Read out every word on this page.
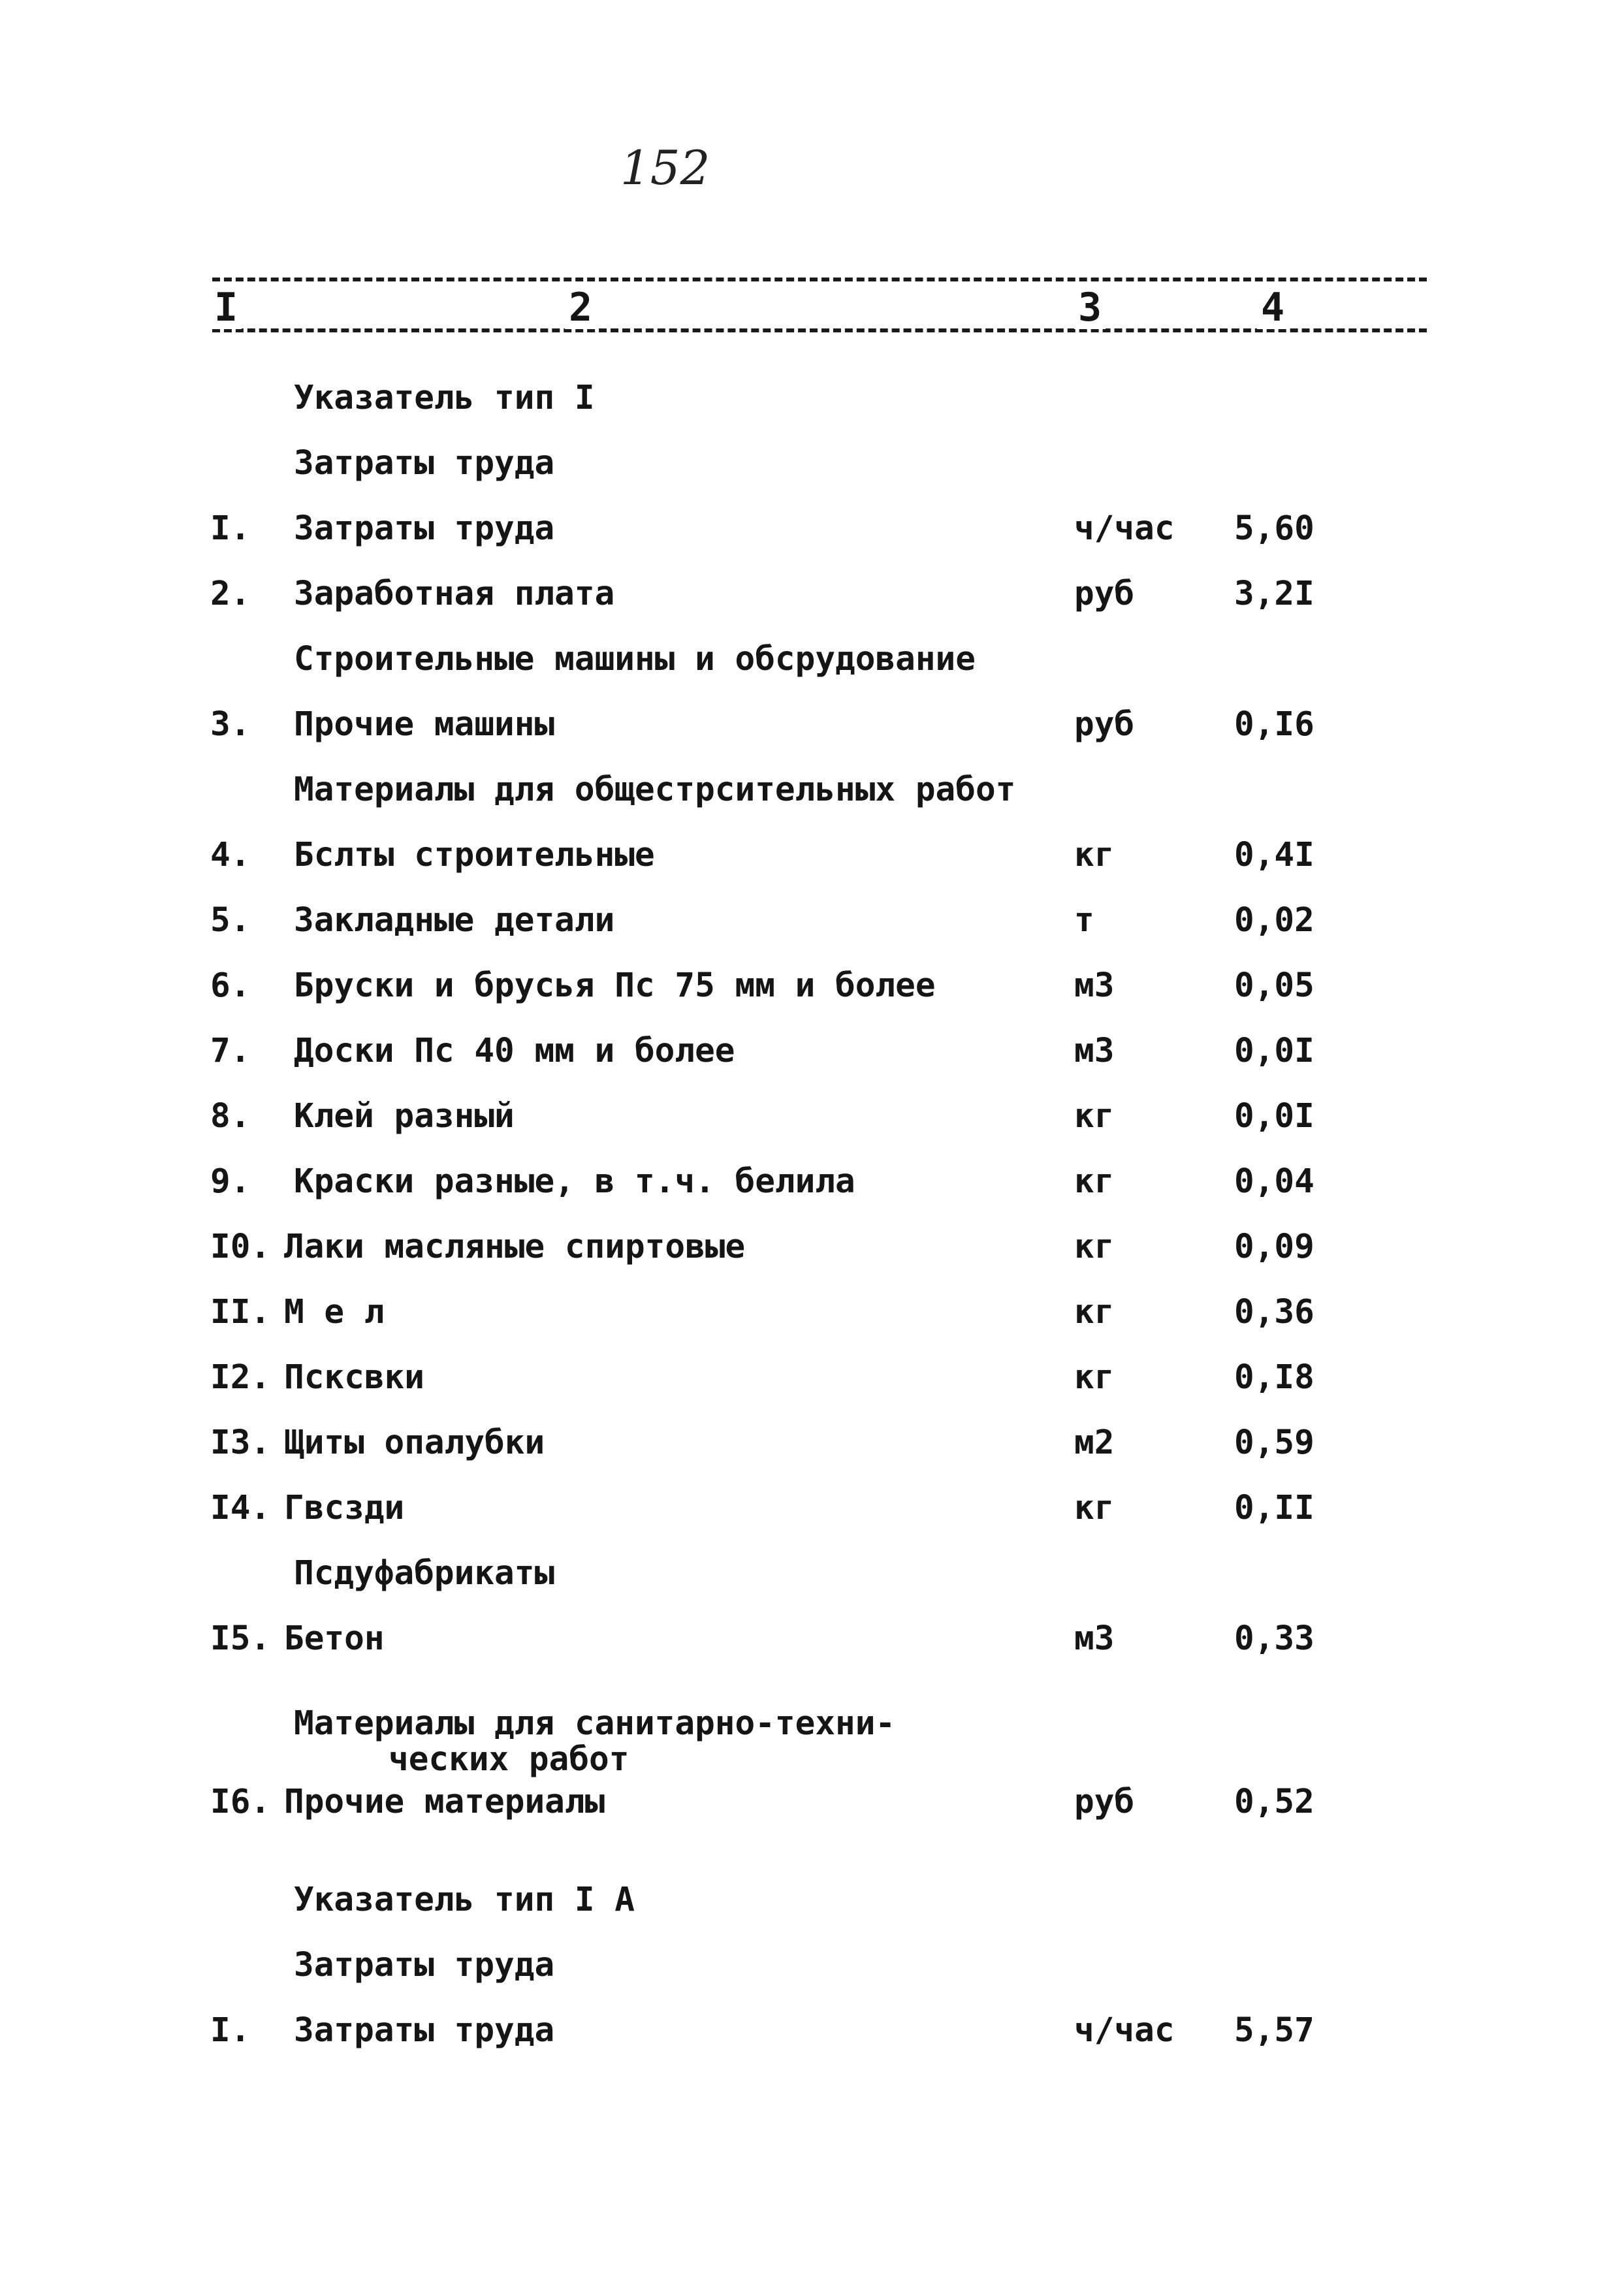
152
I	2	3	4
Указатель тип I
Затраты труда
I. Затраты труда	ч/час 5,60
2. Заработная плата	руб	3,2I
Строительные машины и обсрудование
3. Прочие машины	руб	0,I6
Материалы для общестрсительных работ
4. Бслты строительные	кг	0,4I
5. Закладные детали	т	0,02
6. Бруски и брусья Пс 75 мм и более	м3	0,05
7. Доски Пс 40 мм и более	м3	0,0I
8. Клей разный	кг	0,0I
9. Краски разные, в т.ч. белила	кг	0,04
I0. Лаки масляные спиртовые	кг	0,09
II. М е л	кг	0,36
I2. Псксвки	кг	0,I8
I3. Щиты опалубки	м2	0,59
I4. Гвсзди	кг	0,II
Псдуфабрикаты
I5. Бетон	м3	0,33
Материалы для санитарно-техни-
ческих работ
I6. Прочие материалы	руб	0,52
Указатель тип I А
Затраты труда
I. Затраты труда	ч/час 5,57
